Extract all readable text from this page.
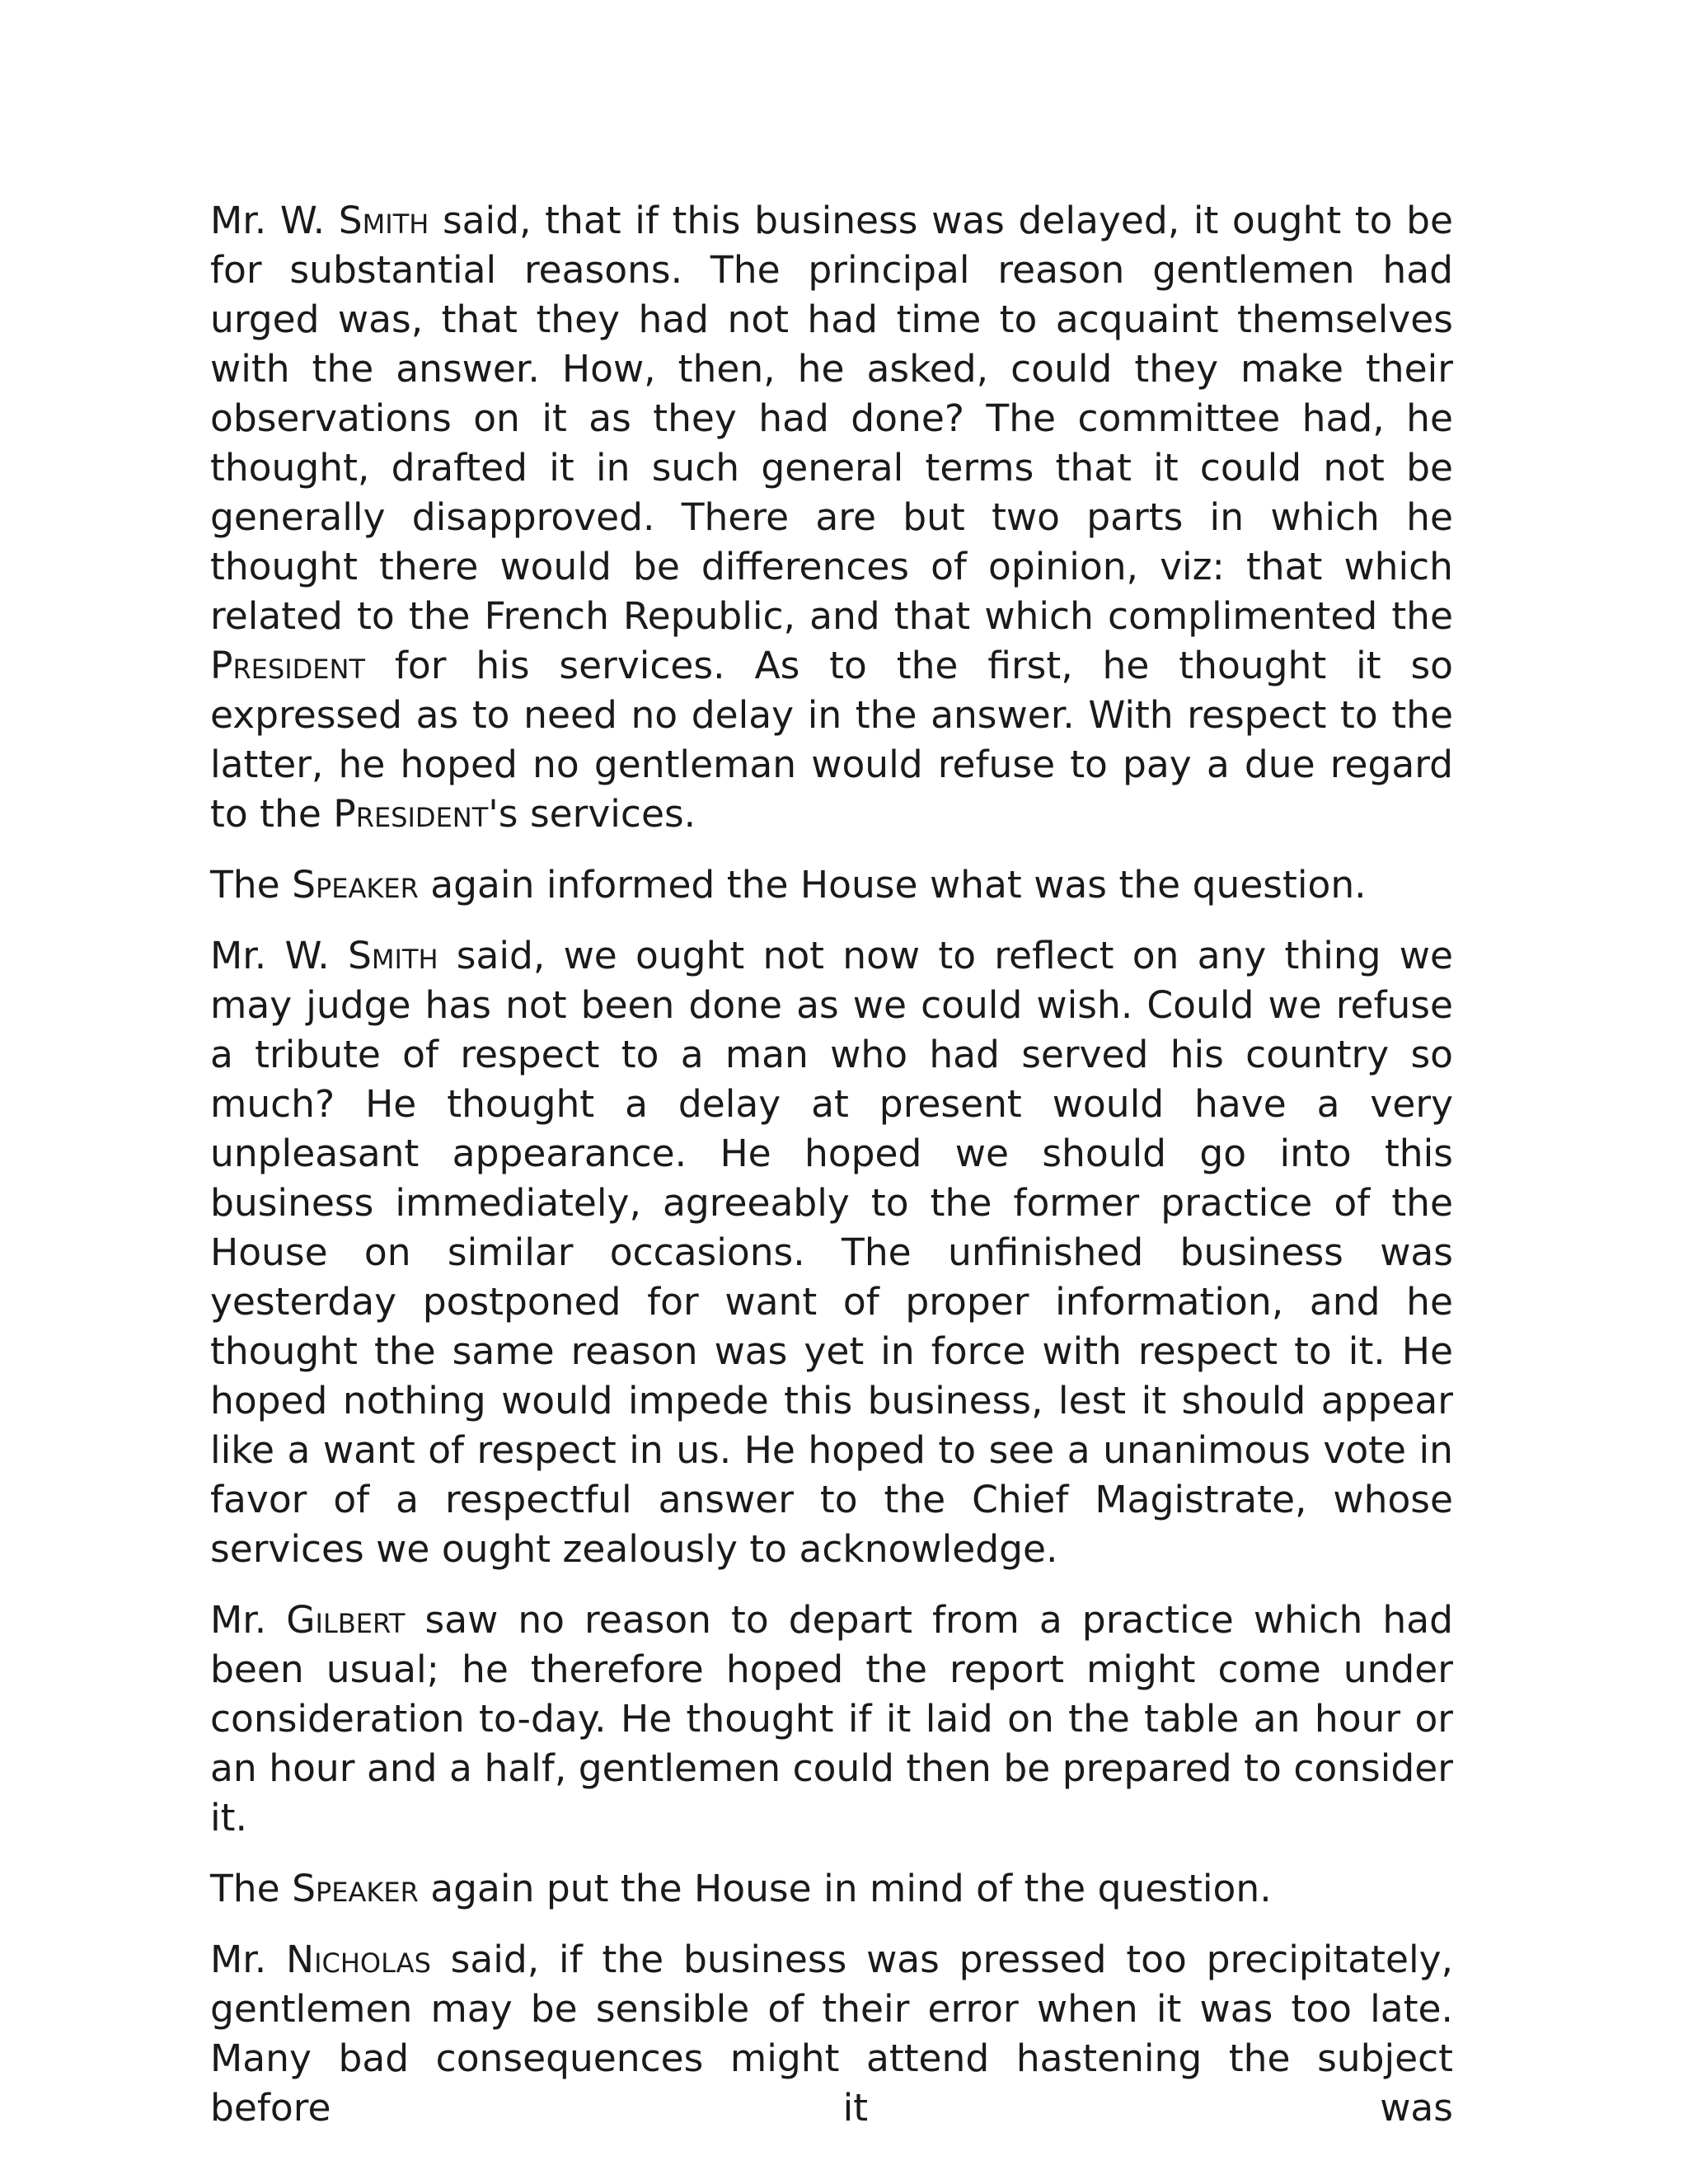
Mr. W. Smith said, that if this business was delayed, it ought to be for substantial reasons. The principal reason gentlemen had urged was, that they had not had time to acquaint themselves with the answer. How, then, he asked, could they make their observations on it as they had done? The committee had, he thought, drafted it in such general terms that it could not be generally disapproved. There are but two parts in which he thought there would be differences of opinion, viz: that which related to the French Republic, and that which complimented the President for his services. As to the first, he thought it so expressed as to need no delay in the answer. With respect to the latter, he hoped no gentleman would refuse to pay a due regard to the President's services.

The Speaker again informed the House what was the question.

Mr. W. Smith said, we ought not now to reflect on any thing we may judge has not been done as we could wish. Could we refuse a tribute of respect to a man who had served his country so much? He thought a delay at present would have a very unpleasant appearance. He hoped we should go into this business immediately, agreeably to the former practice of the House on similar occasions. The unfinished business was yesterday postponed for want of proper information, and he thought the same reason was yet in force with respect to it. He hoped nothing would impede this business, lest it should appear like a want of respect in us. He hoped to see a unanimous vote in favor of a respectful answer to the Chief Magistrate, whose services we ought zealously to acknowledge.

Mr. Gilbert saw no reason to depart from a practice which had been usual; he therefore hoped the report might come under consideration to-day. He thought if it laid on the table an hour or an hour and a half, gentlemen could then be prepared to consider it.

The Speaker again put the House in mind of the question.

Mr. Nicholas said, if the business was pressed too precipitately, gentlemen may be sensible of their error when it was too late. Many bad consequences might attend hastening the subject before it was
